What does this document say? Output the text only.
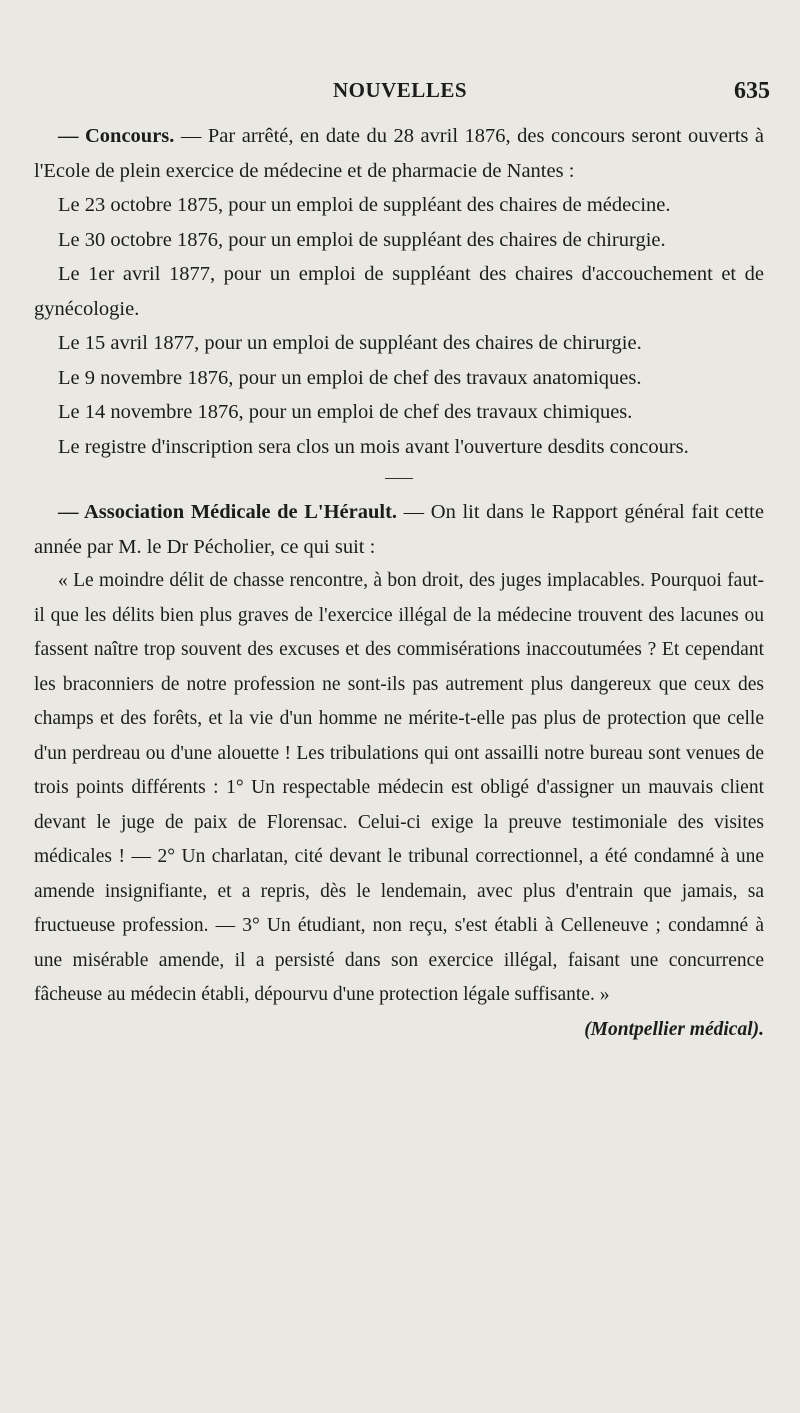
NOUVELLES	635

— Concours. — Par arrêté, en date du 28 avril 1876, des concours seront ouverts à l'Ecole de plein exercice de médecine et de pharmacie de Nantes :

Le 23 octobre 1875, pour un emploi de suppléant des chaires de médecine.

Le 30 octobre 1876, pour un emploi de suppléant des chaires de chirurgie.

Le 1er avril 1877, pour un emploi de suppléant des chaires d'accouchement et de gynécologie.

Le 15 avril 1877, pour un emploi de suppléant des chaires de chirurgie.

Le 9 novembre 1876, pour un emploi de chef des travaux anatomiques.

Le 14 novembre 1876, pour un emploi de chef des travaux chimiques.

Le registre d'inscription sera clos un mois avant l'ouverture desdits concours.

— Association Médicale de L'Hérault. — On lit dans le Rapport général fait cette année par M. le Dr Pécholier, ce qui suit :

« Le moindre délit de chasse rencontre, à bon droit, des juges implacables. Pourquoi faut-il que les délits bien plus graves de l'exercice illégal de la médecine trouvent des lacunes ou fassent naître trop souvent des excuses et des commisérations inaccoutumées ? Et cependant les braconniers de notre profession ne sont-ils pas autrement plus dangereux que ceux des champs et des forêts, et la vie d'un homme ne mérite-t-elle pas plus de protection que celle d'un perdreau ou d'une alouette ! Les tribulations qui ont assailli notre bureau sont venues de trois points différents : 1° Un respectable médecin est obligé d'assigner un mauvais client devant le juge de paix de Florensac. Celui-ci exige la preuve testimoniale des visites médicales ! — 2° Un charlatan, cité devant le tribunal correctionnel, a été condamné à une amende insignifiante, et a repris, dès le lendemain, avec plus d'entrain que jamais, sa fructueuse profession. — 3° Un étudiant, non reçu, s'est établi à Celleneuve ; condamné à une misérable amende, il a persisté dans son exercice illégal, faisant une concurrence fâcheuse au médecin établi, dépourvu d'une protection légale suffisante. »
(Montpellier médical).
